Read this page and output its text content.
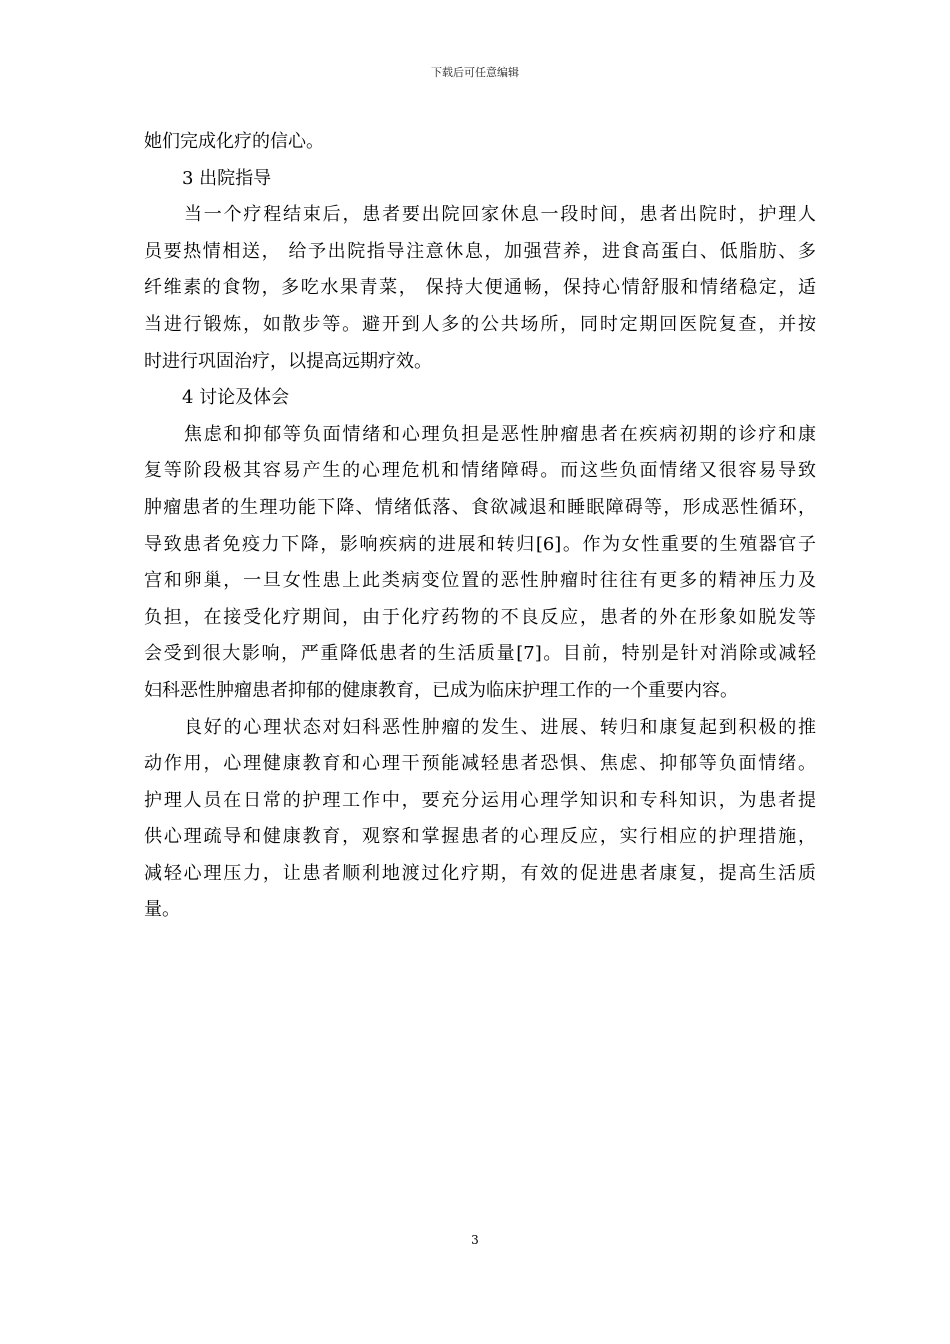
下载后可任意编辑
她们完成化疗的信心。
3 出院指导
当一个疗程结束后，患者要出院回家休息一段时间，患者出院时，护理人
员要热情相送， 给予出院指导注意休息，加强营养，进食高蛋白、低脂肪、多
纤维素的食物，多吃水果青菜， 保持大便通畅，保持心情舒服和情绪稳定，适
当进行锻炼，如散步等。避开到人多的公共场所，同时定期回医院复查，并按
时进行巩固治疗，以提高远期疗效。
4 讨论及体会
焦虑和抑郁等负面情绪和心理负担是恶性肿瘤患者在疾病初期的诊疗和康
复等阶段极其容易产生的心理危机和情绪障碍。而这些负面情绪又很容易导致
肿瘤患者的生理功能下降、情绪低落、食欲减退和睡眠障碍等，形成恶性循环，
导致患者免疫力下降，影响疾病的进展和转归[6]。作为女性重要的生殖器官子
宫和卵巢，一旦女性患上此类病变位置的恶性肿瘤时往往有更多的精神压力及
负担，在接受化疗期间，由于化疗药物的不良反应，患者的外在形象如脱发等
会受到很大影响，严重降低患者的生活质量[7]。目前，特别是针对消除或减轻
妇科恶性肿瘤患者抑郁的健康教育，已成为临床护理工作的一个重要内容。
良好的心理状态对妇科恶性肿瘤的发生、进展、转归和康复起到积极的推
动作用，心理健康教育和心理干预能减轻患者恐惧、焦虑、抑郁等负面情绪。
护理人员在日常的护理工作中，要充分运用心理学知识和专科知识，为患者提
供心理疏导和健康教育，观察和掌握患者的心理反应，实行相应的护理措施，
减轻心理压力，让患者顺利地渡过化疗期，有效的促进患者康复，提高生活质
量。
3
